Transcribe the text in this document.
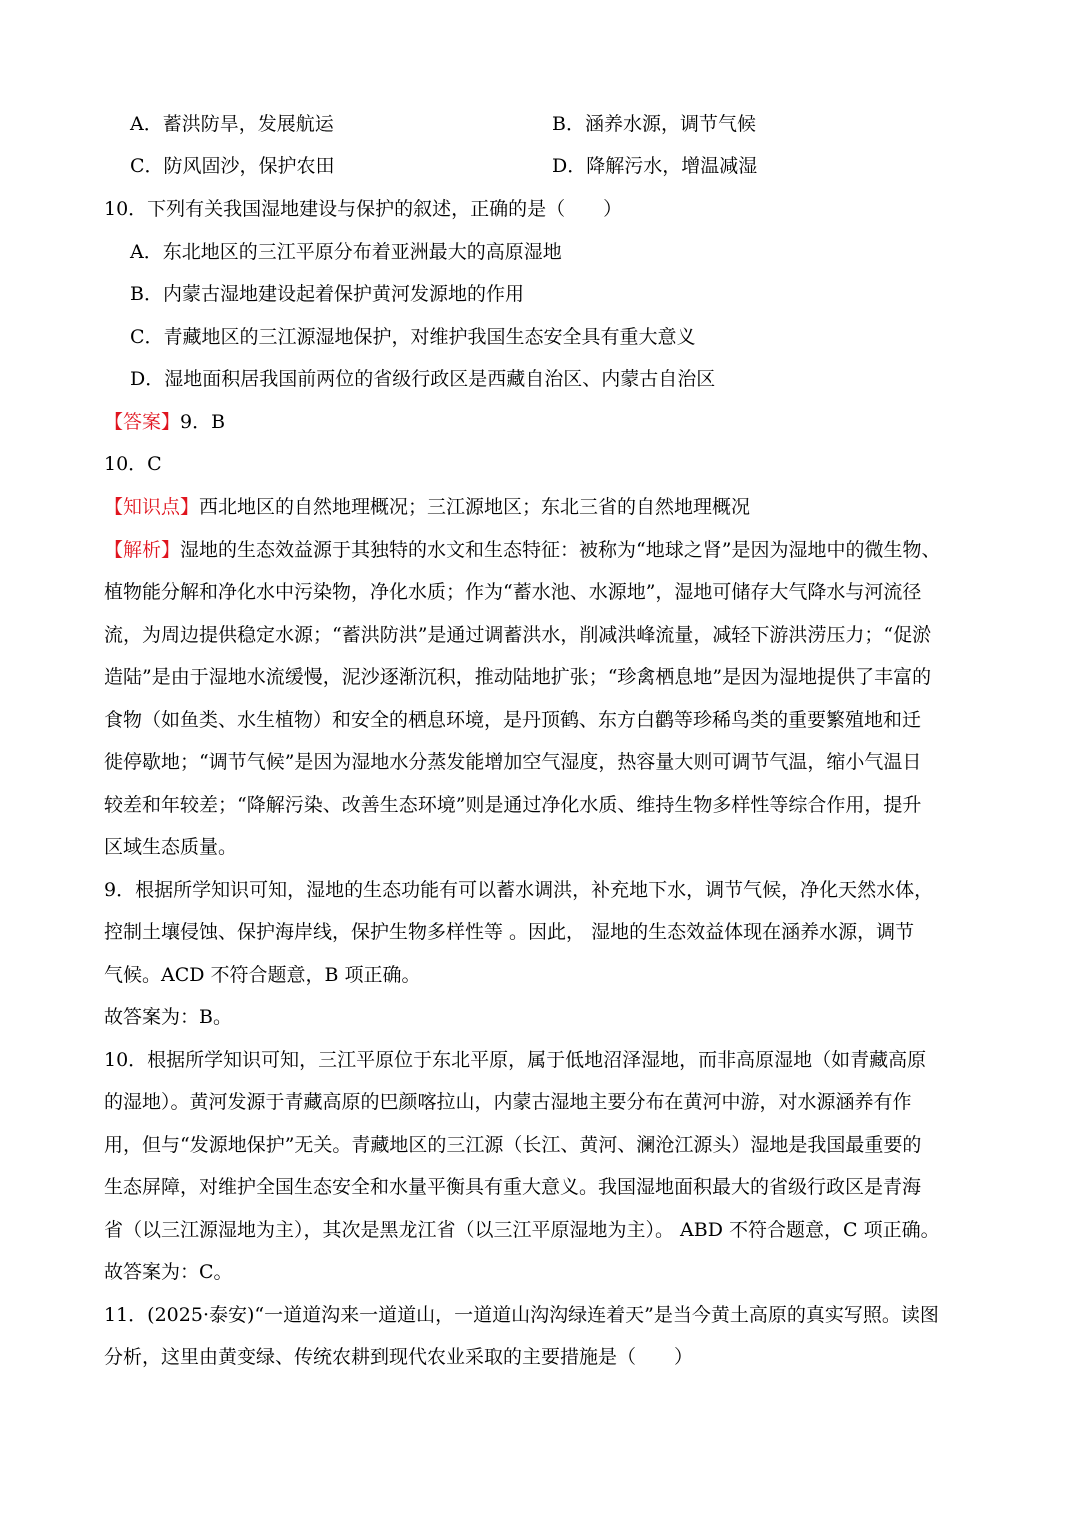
A．蓄洪防旱，发展航运	B．涵养水源，调节气候
C．防风固沙，保护农田	D．降解污水，增温减湿
10．下列有关我国湿地建设与保护的叙述，正确的是（　　）
A．东北地区的三江平原分布着亚洲最大的高原湿地
B．内蒙古湿地建设起着保护黄河发源地的作用
C．青藏地区的三江源湿地保护，对维护我国生态安全具有重大意义
D．湿地面积居我国前两位的省级行政区是西藏自治区、内蒙古自治区
【答案】9．B
10．C
【知识点】西北地区的自然地理概况；三江源地区；东北三省的自然地理概况
【解析】湿地的生态效益源于其独特的水文和生态特征：被称为“地球之肾”是因为湿地中的微生物、
植物能分解和净化水中污染物，净化水质；作为“蓄水池、水源地”，湿地可储存大气降水与河流径
流，为周边提供稳定水源；“蓄洪防洪”是通过调蓄洪水，削减洪峰流量，减轻下游洪涝压力；“促淤
造陆”是由于湿地水流缓慢，泥沙逐渐沉积，推动陆地扩张；“珍禽栖息地”是因为湿地提供了丰富的
食物（如鱼类、水生植物）和安全的栖息环境，是丹顶鹤、东方白鹳等珍稀鸟类的重要繁殖地和迁
徙停歇地；“调节气候”是因为湿地水分蒸发能增加空气湿度，热容量大则可调节气温，缩小气温日
较差和年较差；“降解污染、改善生态环境”则是通过净化水质、维持生物多样性等综合作用，提升
区域生态质量。
9．根据所学知识可知，湿地的生态功能有可以蓄水调洪，补充地下水，调节气候，净化天然水体，
控制土壤侵蚀、保护海岸线，保护生物多样性等 。因此， 湿地的生态效益体现在涵养水源，调节
气候。ACD 不符合题意，B 项正确。
故答案为：B。
10．根据所学知识可知，三江平原位于东北平原，属于低地沼泽湿地，而非高原湿地（如青藏高原
的湿地）。黄河发源于青藏高原的巴颜喀拉山，内蒙古湿地主要分布在黄河中游，对水源涵养有作
用，但与“发源地保护”无关。青藏地区的三江源（长江、黄河、澜沧江源头）湿地是我国最重要的
生态屏障，对维护全国生态安全和水量平衡具有重大意义。我国湿地面积最大的省级行政区是青海
省（以三江源湿地为主），其次是黑龙江省（以三江平原湿地为主）。 ABD 不符合题意，C 项正确。
故答案为：C。
11．(2025·泰安)“一道道沟来一道道山，一道道山沟沟绿连着天”是当今黄土高原的真实写照。读图
分析，这里由黄变绿、传统农耕到现代农业采取的主要措施是（　　）
